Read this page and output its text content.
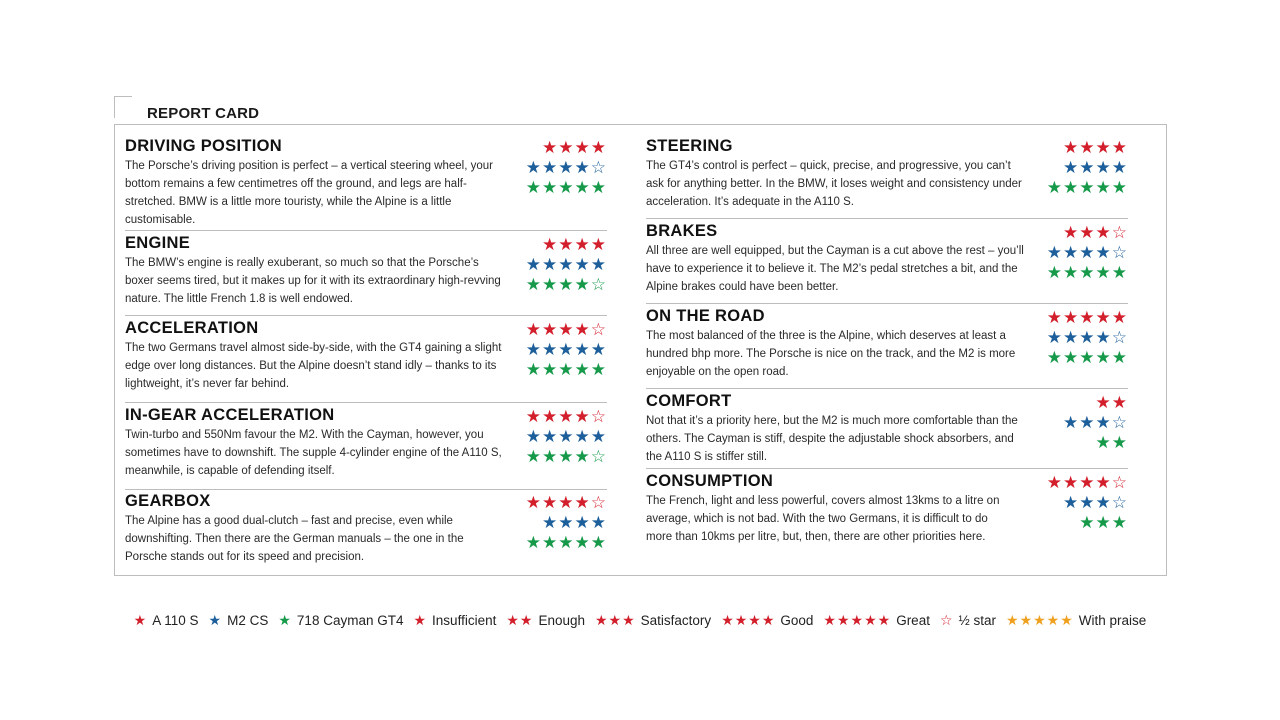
REPORT CARD
DRIVING POSITION
The Porsche’s driving position is perfect – a vertical steering wheel, your bottom remains a few centimetres off the ground, and legs are half-stretched. BMW is a little more touristy, while the Alpine is a little customisable.
★★★★
★★★★☆
★★★★★
ENGINE
The BMW’s engine is really exuberant, so much so that the Porsche’s boxer seems tired, but it makes up for it with its extraordinary high-revving nature. The little French 1.8 is well endowed.
★★★★
★★★★★
★★★★☆
ACCELERATION
The two Germans travel almost side-by-side, with the GT4 gaining a slight edge over long distances. But the Alpine doesn’t stand idly – thanks to its lightweight, it’s never far behind.
★★★★☆
★★★★★
★★★★★
IN-GEAR ACCELERATION
Twin-turbo and 550Nm favour the M2. With the Cayman, however, you sometimes have to downshift. The supple 4-cylinder engine of the A110 S, meanwhile, is capable of defending itself.
★★★★☆
★★★★★
★★★★☆
GEARBOX
The Alpine has a good dual-clutch – fast and precise, even while downshifting. Then there are the German manuals – the one in the Porsche stands out for its speed and precision.
★★★★☆
★★★★
★★★★★
STEERING
The GT4’s control is perfect – quick, precise, and progressive, you can’t ask for anything better. In the BMW, it loses weight and consistency under acceleration. It’s adequate in the A110 S.
★★★★
★★★★
★★★★★
BRAKES
All three are well equipped, but the Cayman is a cut above the rest – you’ll have to experience it to believe it. The M2’s pedal stretches a bit, and the Alpine brakes could have been better.
★★★☆
★★★★☆
★★★★★
ON THE ROAD
The most balanced of the three is the Alpine, which deserves at least a hundred bhp more. The Porsche is nice on the track, and the M2 is more enjoyable on the open road.
★★★★★
★★★★☆
★★★★★
COMFORT
Not that it’s a priority here, but the M2 is much more comfortable than the others. The Cayman is stiff, despite the adjustable shock absorbers, and the A110 S is stiffer still.
★★
★★★☆
★★
CONSUMPTION
The French, light and less powerful, covers almost 13kms to a litre on average, which is not bad. With the two Germans, it is difficult to do more than 10kms per litre, but, then, there are other priorities here.
★★★★☆
★★★☆
★★★
★ A 110 S ★ M2 CS ★ 718 Cayman GT4 ★ Insufficient ★★ Enough ★★★ Satisfactory ★★★★ Good ★★★★★ Great ☆ ½ star ★★★★★ With praise
